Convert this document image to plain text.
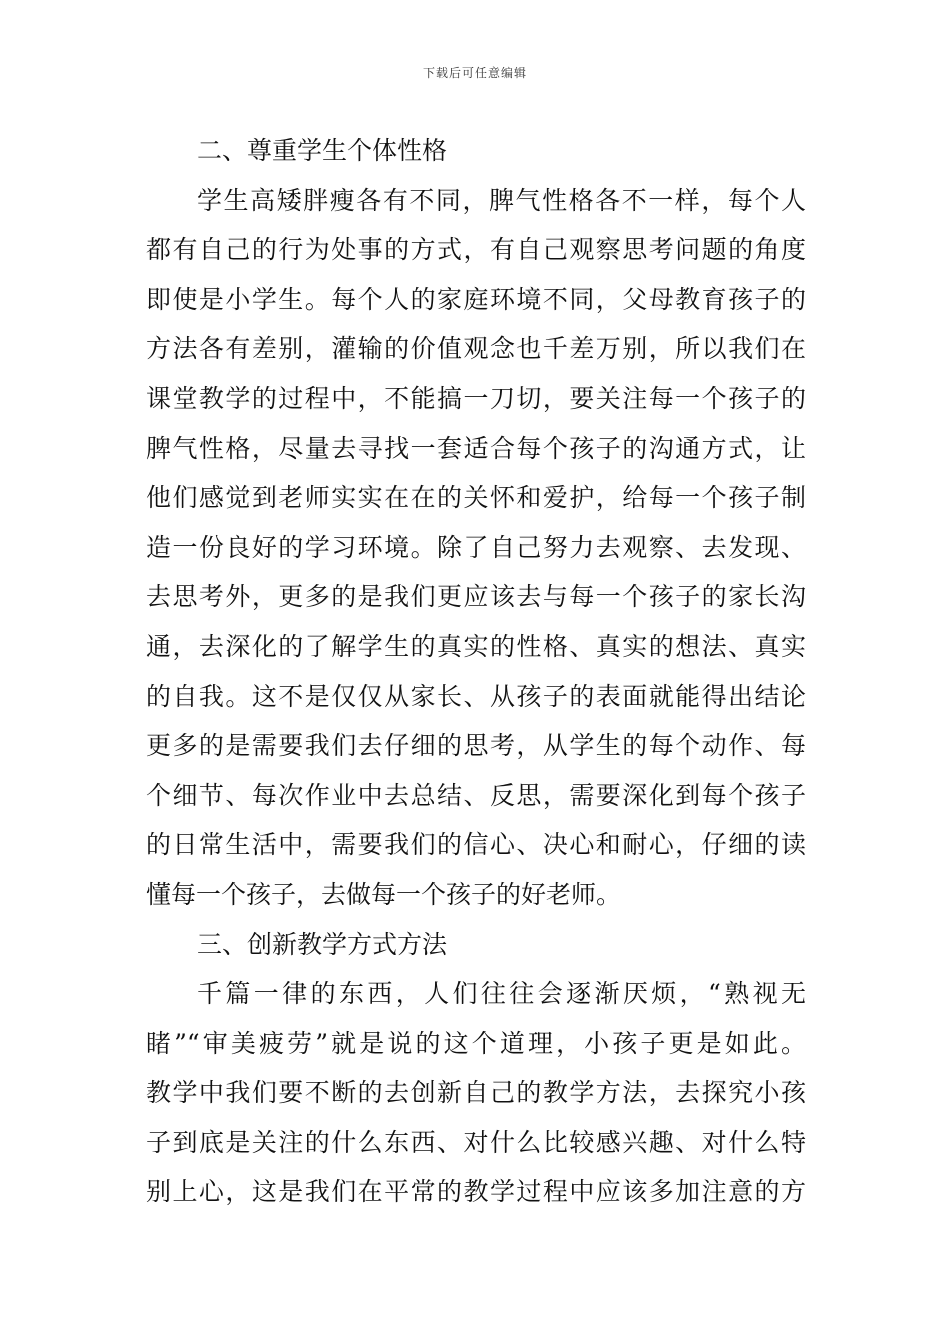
下载后可任意编辑
二、尊重学生个体性格
学生高矮胖瘦各有不同，脾气性格各不一样，每个人
都有自己的行为处事的方式，有自己观察思考问题的角度
即使是小学生。每个人的家庭环境不同，父母教育孩子的
方法各有差别，灌输的价值观念也千差万别，所以我们在
课堂教学的过程中，不能搞一刀切，要关注每一个孩子的
脾气性格，尽量去寻找一套适合每个孩子的沟通方式，让
他们感觉到老师实实在在的关怀和爱护，给每一个孩子制
造一份良好的学习环境。除了自己努力去观察、去发现、
去思考外，更多的是我们更应该去与每一个孩子的家长沟
通，去深化的了解学生的真实的性格、真实的想法、真实
的自我。这不是仅仅从家长、从孩子的表面就能得出结论
更多的是需要我们去仔细的思考，从学生的每个动作、每
个细节、每次作业中去总结、反思，需要深化到每个孩子
的日常生活中，需要我们的信心、决心和耐心，仔细的读
懂每一个孩子，去做每一个孩子的好老师。
三、创新教学方式方法
千篇一律的东西，人们往往会逐渐厌烦，“熟视无
睹”“审美疲劳”就是说的这个道理，小孩子更是如此。
教学中我们要不断的去创新自己的教学方法，去探究小孩
子到底是关注的什么东西、对什么比较感兴趣、对什么特
别上心，这是我们在平常的教学过程中应该多加注意的方
